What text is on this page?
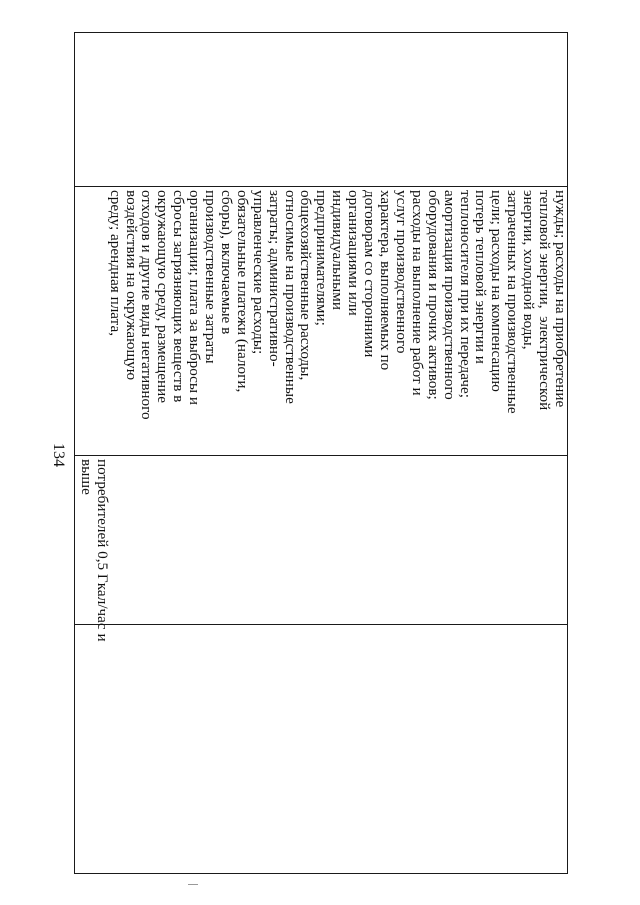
134
нужды; расходы на приобретение
тепловой энергии,  электрической
энергии, холодной воды,
затраченных на производственные
цели; расходы на компенсацию
потерь тепловой энергии и
теплоносителя при их передаче;
амортизация производственного
оборудования и прочих активов;
расходы на выполнение работ и
услуг производственного
характера, выполняемых по
договорам со сторонними
организациями или
индивидуальными
предпринимателями;
общехозяйственные расходы,
относимые на производственные
затраты; административно-
управленческие расходы;
обязательные платежи (налоги,
сборы), включаемые в
производственные затраты
организации; плата за выбросы и
сбросы загрязняющих веществ в
окружающую среду, размещение
отходов и другие виды негативного
воздействия на окружающую
среду; арендная плата,
потребителей 0,5 Гкал/час и
выше
